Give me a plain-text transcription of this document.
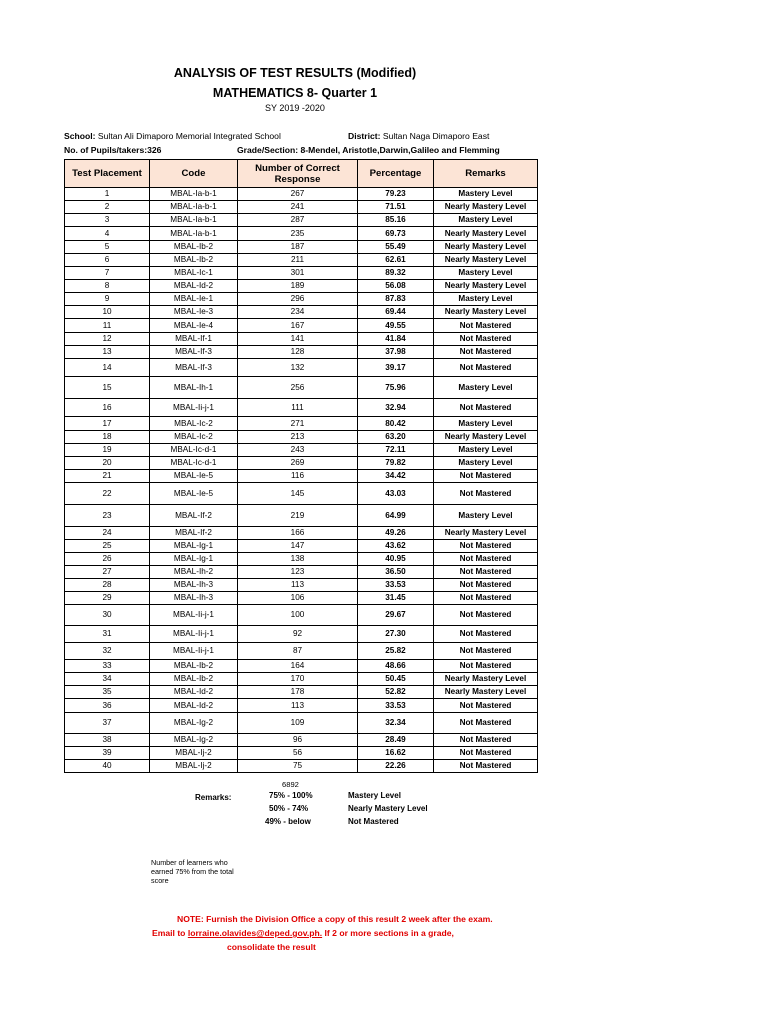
ANALYSIS OF TEST RESULTS (Modified)
MATHEMATICS 8- Quarter 1
SY 2019 -2020
School: Sultan Ali Dimaporo Memorial Integrated School	District: Sultan Naga Dimaporo East
No. of Pupils/takers:326	Grade/Section: 8-Mendel, Aristotle,Darwin,Galileo and Flemming
Test Placement	Code	Number of Correct Response	Percentage	Remarks
1	MBAL-Ia-b-1	267	79.23	Mastery Level
2	MBAL-Ia-b-1	241	71.51	Nearly Mastery Level
3	MBAL-Ia-b-1	287	85.16	Mastery Level
4	MBAL-Ia-b-1	235	69.73	Nearly Mastery Level
5	MBAL-Ib-2	187	55.49	Nearly Mastery Level
6	MBAL-Ib-2	211	62.61	Nearly Mastery Level
7	MBAL-Ic-1	301	89.32	Mastery Level
8	MBAL-Id-2	189	56.08	Nearly Mastery Level
9	MBAL-Ie-1	296	87.83	Mastery Level
10	MBAL-Ie-3	234	69.44	Nearly Mastery Level
11	MBAL-Ie-4	167	49.55	Not Mastered
12	MBAL-If-1	141	41.84	Not Mastered
13	MBAL-If-3	128	37.98	Not Mastered
14	MBAL-If-3	132	39.17	Not Mastered
15	MBAL-Ih-1	256	75.96	Mastery Level
16	MBAL-Ii-j-1	111	32.94	Not Mastered
17	MBAL-Ic-2	271	80.42	Mastery Level
18	MBAL-Ic-2	213	63.20	Nearly Mastery Level
19	MBAL-Ic-d-1	243	72.11	Mastery Level
20	MBAL-Ic-d-1	269	79.82	Mastery Level
21	MBAL-Ie-5	116	34.42	Not Mastered
22	MBAL-Ie-5	145	43.03	Not Mastered
23	MBAL-If-2	219	64.99	Mastery Level
24	MBAL-If-2	166	49.26	Nearly Mastery Level
25	MBAL-Ig-1	147	43.62	Not Mastered
26	MBAL-Ig-1	138	40.95	Not Mastered
27	MBAL-Ih-2	123	36.50	Not Mastered
28	MBAL-Ih-3	113	33.53	Not Mastered
29	MBAL-Ih-3	106	31.45	Not Mastered
30	MBAL-Ii-j-1	100	29.67	Not Mastered
31	MBAL-Ii-j-1	92	27.30	Not Mastered
32	MBAL-Ii-j-1	87	25.82	Not Mastered
33	MBAL-Ib-2	164	48.66	Not Mastered
34	MBAL-Ib-2	170	50.45	Nearly Mastery Level
35	MBAL-Id-2	178	52.82	Nearly Mastery Level
36	MBAL-Id-2	113	33.53	Not Mastered
37	MBAL-Ig-2	109	32.34	Not Mastered
38	MBAL-Ig-2	96	28.49	Not Mastered
39	MBAL-Ij-2	56	16.62	Not Mastered
40	MBAL-Ij-2	75	22.26	Not Mastered
6892
Remarks:	75% - 100%	Mastery Level
50% - 74%	Nearly Mastery Level
49% - below	Not Mastered
Number of learners who earned 75% from the total score
NOTE: Furnish the Division Office a copy of this result 2 week after the exam.
Email to lorraine.olavides@deped.gov.ph. If 2 or more sections in a grade,
consolidate the result
